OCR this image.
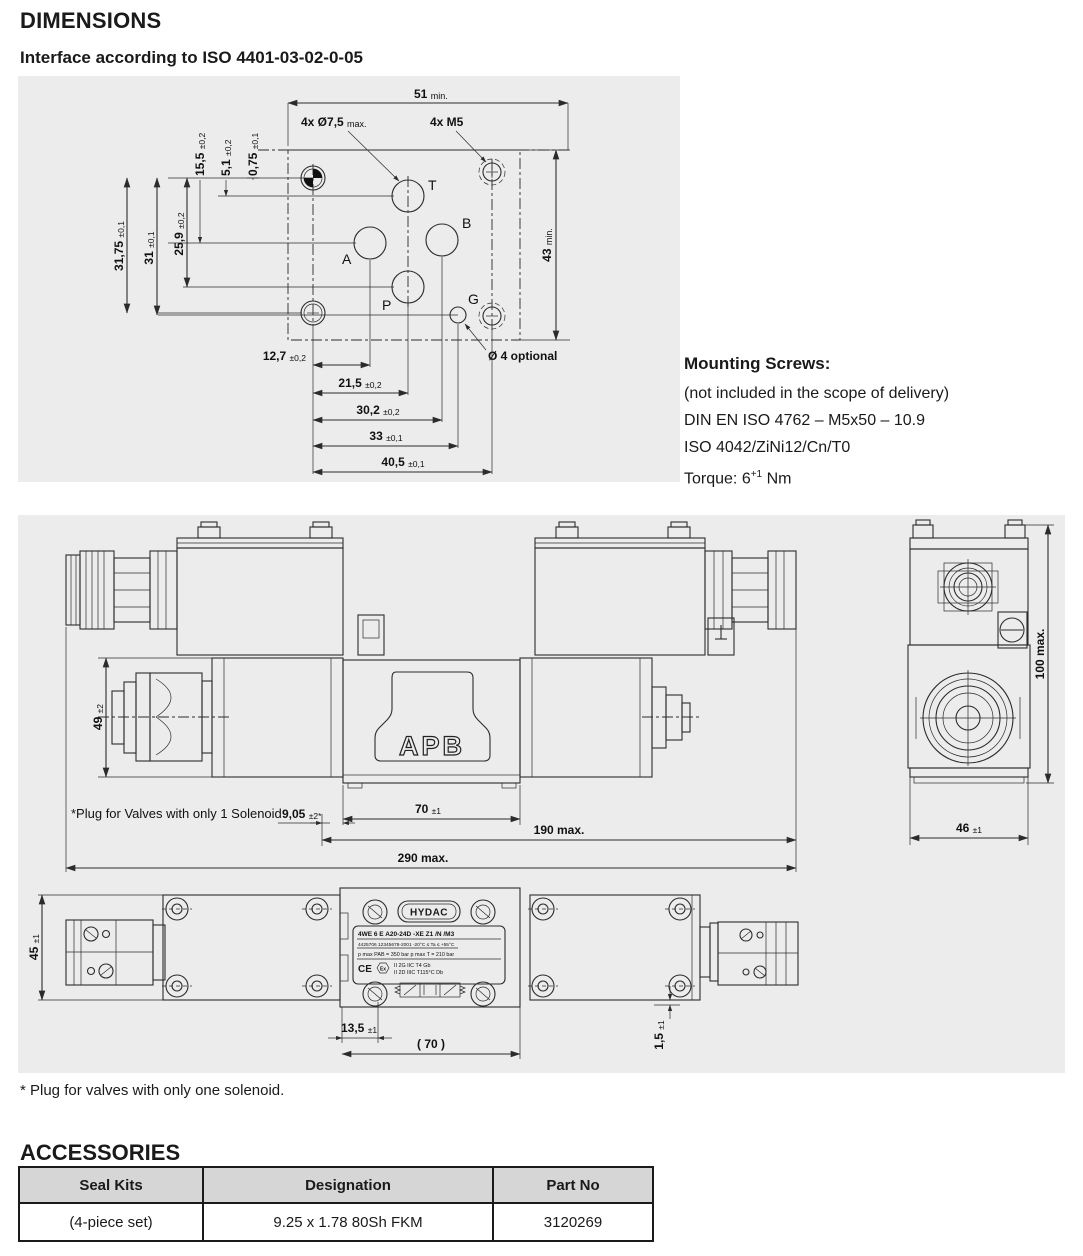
DIMENSIONS
Interface according to ISO 4401-03-02-0-05
T
A
B
P	G
51 min.
4x Ø7,5 max.	4x M5
Ø 4 optional
15,5 ±0,2
5,1 ±0,2
0,75 ±0,1
31,75 ±0,1
31 ±0,1 25,9 ±0,2
43 min.
12,7 ±0,2
21,5 ±0,2
30,2 ±0,2
33 ±0,1
40,5 ±0,1
Mounting Screws:
(not included in the scope of delivery)
DIN EN ISO 4762 – M5x50 – 10.9
ISO 4042/ZiNi12/Cn/T0
Torque: $6^{+1}$ Nm
APB
49 ±2
*Plug for Valves with only 1 Solenoid 9,05 ±2*	70 ±1
190 max.
290 max.
100 max.
46 ±1
HYDAC
4WE 6 E A20-24D -XE Z1 /N /M3
4425706 12345678-2001 -20°C ≤ Ta ≤ +55°C
p max PAB = 350 bar p max T = 210 bar
CE Ex
II 2G IIC T4 Gb
II 2D IIIC T115°C Db
45 ±1
13,5 ±1
( 70 )	1,5 ±1
* Plug for valves with only one solenoid.
ACCESSORIES
Seal Kits	Designation	Part No
(4-piece set)	9.25 x 1.78 80Sh FKM	3120269
